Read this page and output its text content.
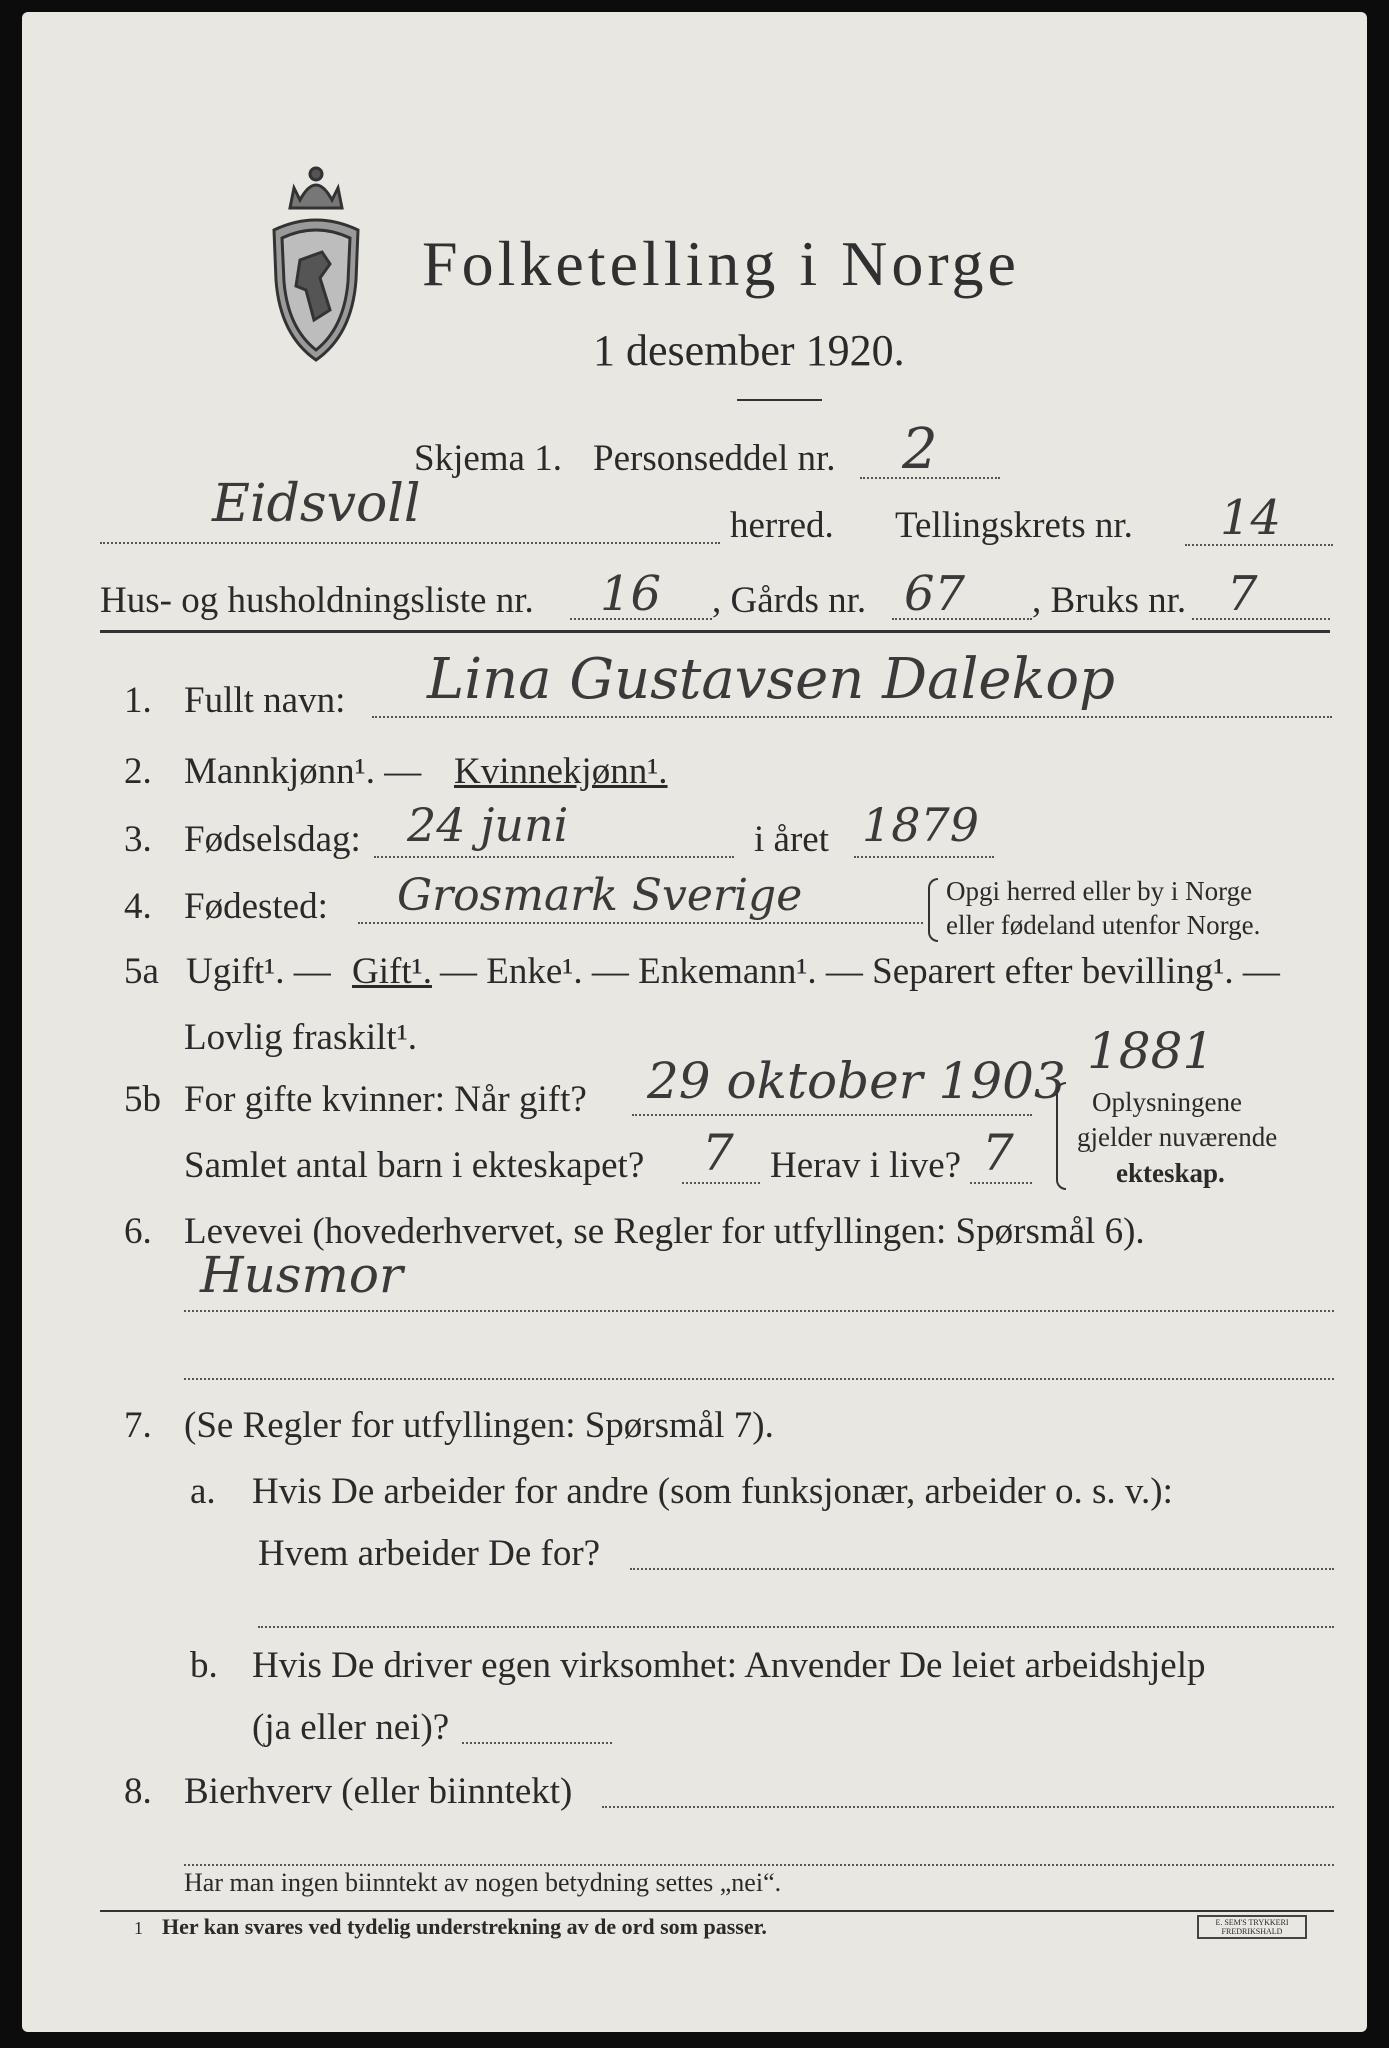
Folketelling i Norge
1 desember 1920.
Skjema 1. Personseddel nr. 2
Eidsvoll	herred. Tellingskrets nr. 14
Hus- og husholdningsliste nr. 16 , Gårds nr. 67 , Bruks nr. 7
1. Fullt navn: Lina Gustavsen Dalekop
2. Mannkjønn¹. — Kvinnekjønn¹.
3. Fødselsdag: 24 juni	i året 1879
4. Fødested: Grosmark Sverige	Opgi herred eller by i Norge
eller fødeland utenfor Norge.
5a Ugift¹. — Gift¹. — Enke¹. — Enkemann¹. — Separert efter bevilling¹. —
Lovlig fraskilt¹.
5b For gifte kvinner: Når gift? 29 oktober 1903
1881
Samlet antal barn i ekteskapet? 7 Herav i live? 7
Oplysningene
gjelder nuværende
ekteskap.
6. Levevei (hovederhvervet, se Regler for utfyllingen: Spørsmål 6).
Husmor
7. (Se Regler for utfyllingen: Spørsmål 7).
a. Hvis De arbeider for andre (som funksjonær, arbeider o. s. v.):
Hvem arbeider De for?
b. Hvis De driver egen virksomhet: Anvender De leiet arbeidshjelp
(ja eller nei)?
8. Bierhverv (eller biinntekt)
Har man ingen biinntekt av nogen betydning settes „nei“.
1 Her kan svares ved tydelig understrekning av de ord som passer.	E. SEM'S TRYKKERI FREDRIKSHALD
